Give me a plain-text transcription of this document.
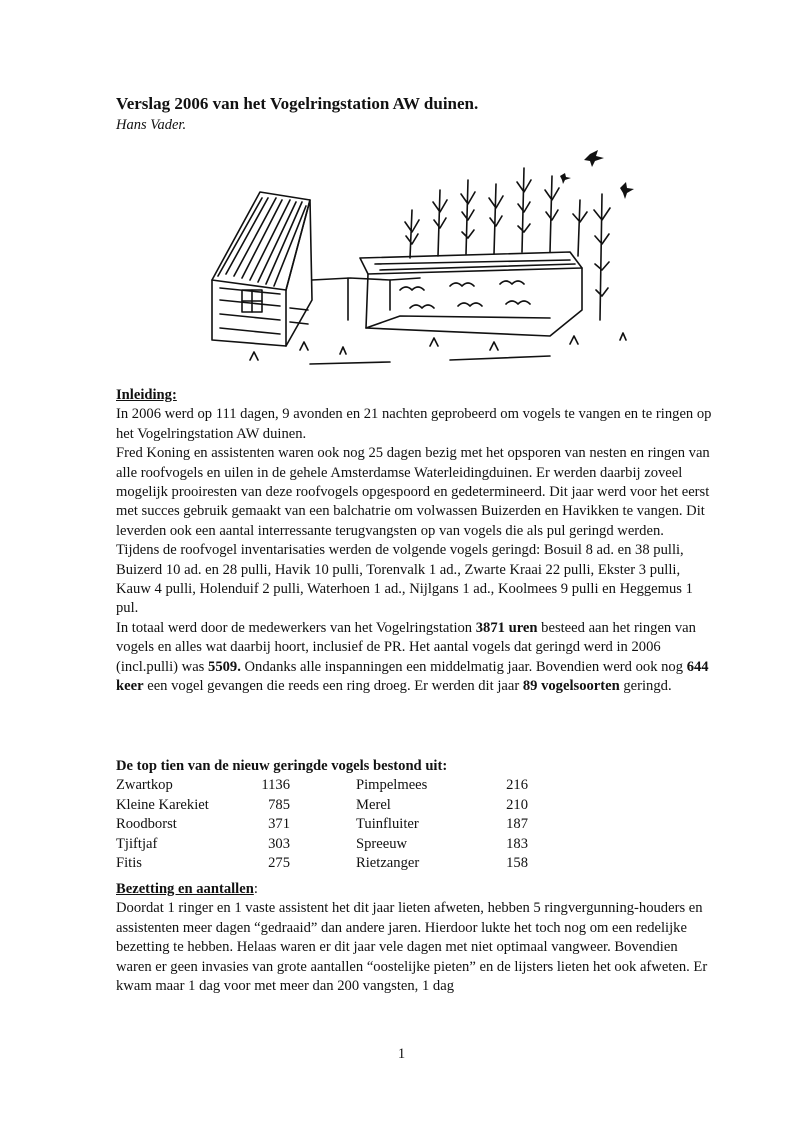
Verslag 2006 van het Vogelringstation AW duinen.
Hans Vader.

Inleiding:

In 2006 werd op 111 dagen, 9 avonden en 21 nachten geprobeerd om vogels te vangen en te ringen op het Vogelringstation AW duinen.

Fred Koning en assistenten waren ook nog 25 dagen bezig met het opsporen van nesten en ringen van alle roofvogels en uilen in de gehele Amsterdamse Waterleidingduinen. Er werden daarbij zoveel mogelijk prooiresten van deze roofvogels opgespoord en gedetermineerd. Dit jaar werd voor het eerst met succes gebruik gemaakt van een balchatrie om volwassen Buizerden en Havikken te vangen. Dit leverden ook een aantal interressante terugvangsten op van vogels die als pul geringd werden.

Tijdens de roofvogel inventarisaties werden de volgende vogels geringd: Bosuil 8 ad. en 38 pulli, Buizerd 10 ad. en 28 pulli, Havik 10 pulli, Torenvalk 1 ad., Zwarte Kraai 22 pulli, Ekster 3 pulli, Kauw 4 pulli, Holenduif 2 pulli, Waterhoen 1 ad., Nijlgans 1 ad., Koolmees 9 pulli en Heggemus 1 pul.

In totaal werd door de medewerkers van het Vogelringstation 3871 uren besteed aan het ringen van vogels en alles wat daarbij hoort, inclusief de PR. Het aantal vogels dat geringd werd in 2006 (incl.pulli) was 5509. Ondanks alle inspanningen een middelmatig jaar. Bovendien werd ook nog 644 keer een vogel gevangen die reeds een ring droeg. Er werden dit jaar 89 vogelsoorten geringd.

De top tien van de nieuw geringde vogels bestond uit:

Zwartkop	1136	Pimpelmees	216
Kleine Karekiet	785	Merel	210
Roodborst	371	Tuinfluiter	187
Tjiftjaf	303	Spreeuw	183
Fitis	275	Rietzanger	158

Bezetting en aantallen:

Doordat 1 ringer en 1 vaste assistent het dit jaar lieten afweten, hebben 5 ringvergunning-houders en assistenten meer dagen “gedraaid” dan andere jaren. Hierdoor lukte het toch nog om een redelijke bezetting te hebben. Helaas waren er dit jaar vele dagen met niet optimaal vangweer. Bovendien waren er geen invasies van grote aantallen “oostelijke pieten” en de lijsters lieten het ook afweten. Er kwam maar 1 dag voor met meer dan 200 vangsten, 1 dag

1
